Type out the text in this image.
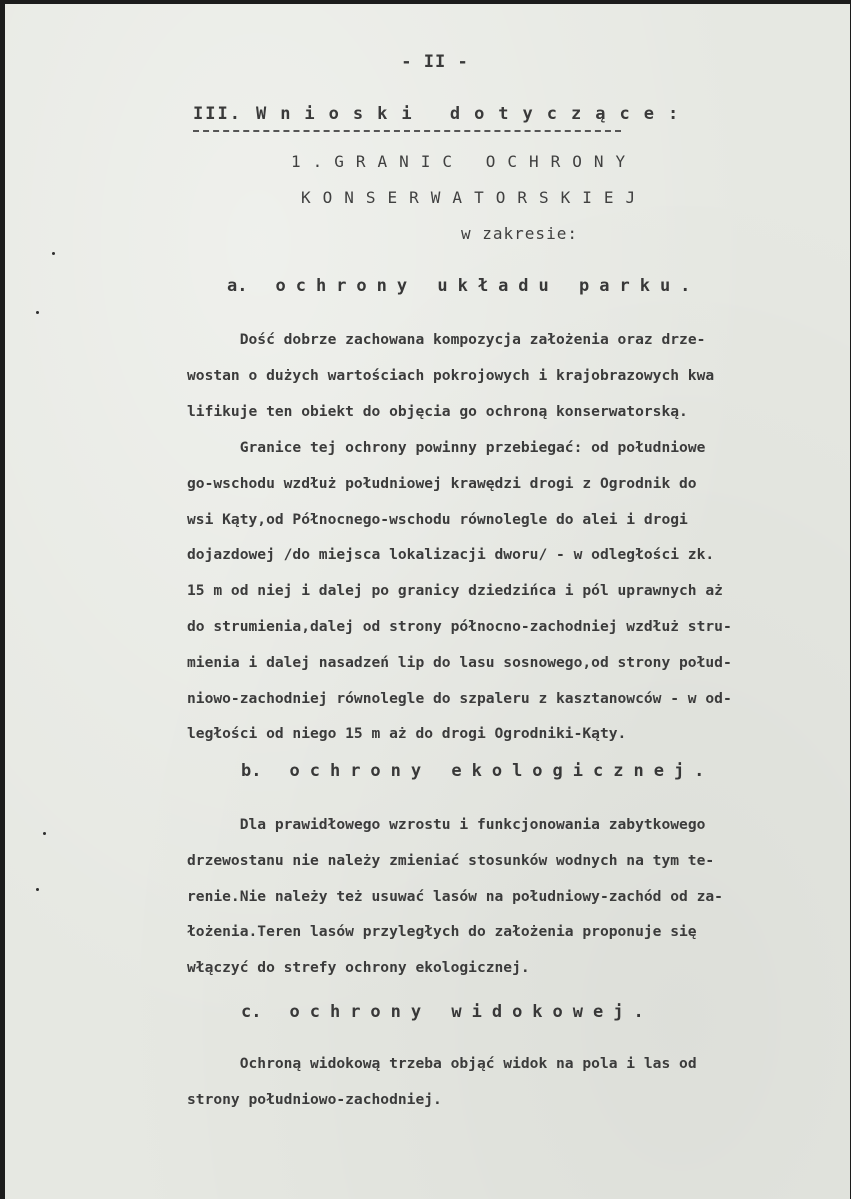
- II -
III. Wnioski dotyczące:
1.GRANIC OCHRONY
KONSERWATORSKIEJ
w zakresie:
a. ochrony układu parku.
Dość dobrze zachowana kompozycja założenia oraz drze-
wostan o dużych wartościach pokrojowych i krajobrazowych kwa
lifikuje ten obiekt do objęcia go ochroną konserwatorską.
Granice tej ochrony powinny przebiegać: od południowe
go-wschodu wzdłuż południowej krawędzi drogi z Ogrodnik do
wsi Kąty,od Północnego-wschodu równolegle do alei i drogi
dojazdowej /do miejsca lokalizacji dworu/ - w odległości zk.
15 m od niej i dalej po granicy dziedzińca i pól uprawnych aż
do strumienia,dalej od strony północno-zachodniej wzdłuż stru-
mienia i dalej nasadzeń lip do lasu sosnowego,od strony połud-
niowo-zachodniej równolegle do szpaleru z kasztanowców - w od-
ległości od niego 15 m aż do drogi Ogrodniki-Kąty.
b. ochrony ekologicznej.
Dla prawidłowego wzrostu i funkcjonowania zabytkowego
drzewostanu nie należy zmieniać stosunków wodnych na tym te-
renie.Nie należy też usuwać lasów na południowy-zachód od za-
łożenia.Teren lasów przyległych do założenia proponuje się
włączyć do strefy ochrony ekologicznej.
c. ochrony widokowej.
Ochroną widokową trzeba objąć widok na pola i las od
strony południowo-zachodniej.
